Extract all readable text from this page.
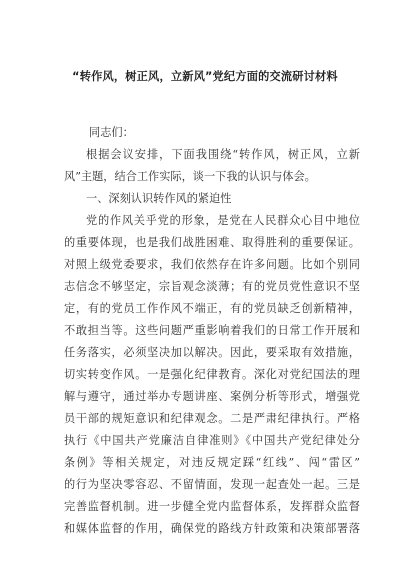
“转作风，树正风，立新风”党纪方面的交流研讨材料
同志们：
根据会议安排，下面我围绕“转作风，树正风，立新
风”主题，结合工作实际，谈一下我的认识与体会。
一、深刻认识转作风的紧迫性
党的作风关乎党的形象，是党在人民群众心目中地位
的重要体现，也是我们战胜困难、取得胜利的重要保证。
对照上级党委要求，我们依然存在许多问题。比如个别同
志信念不够坚定，宗旨观念淡薄；有的党员党性意识不坚
定，有的党员工作作风不端正，有的党员缺乏创新精神，
不敢担当等。这些问题严重影响着我们的日常工作开展和
任务落实，必须坚决加以解决。因此，要采取有效措施，
切实转变作风。一是强化纪律教育。深化对党纪国法的理
解与遵守，通过举办专题讲座、案例分析等形式，增强党
员干部的规矩意识和纪律观念。二是严肃纪律执行。严格
执行《中国共产党廉洁自律准则》《中国共产党纪律处分
条例》等相关规定，对违反规定踩“红线”、闯“雷区”
的行为坚决零容忍、不留情面，发现一起查处一起。三是
完善监督机制。进一步健全党内监督体系，发挥群众监督
和媒体监督的作用，确保党的路线方针政策和决策部署落
